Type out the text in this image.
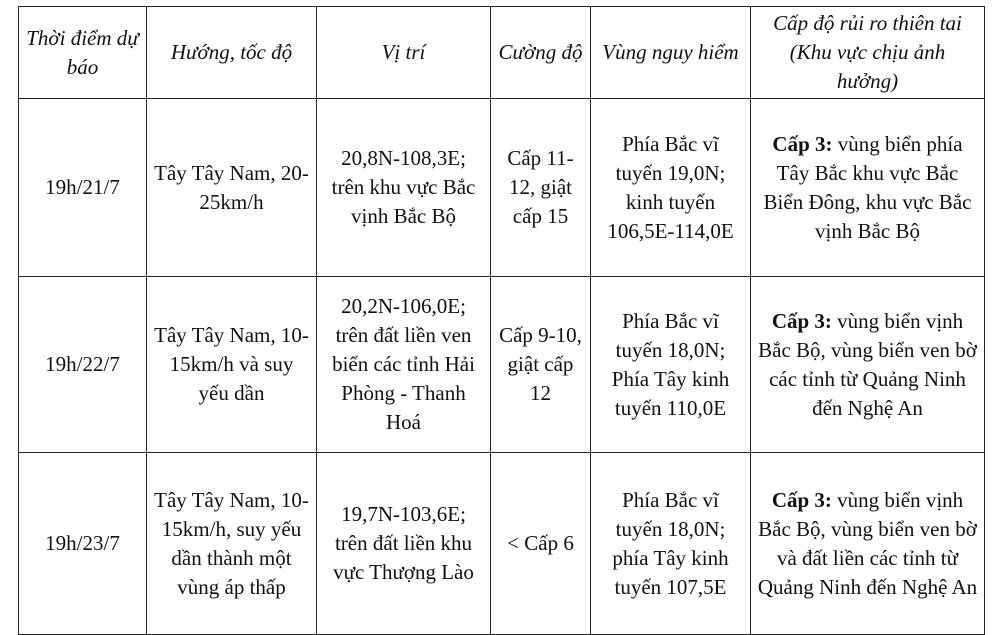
Thời điểm dự báo	Hướng, tốc độ	Vị trí	Cường độ	Vùng nguy hiểm	Cấp độ rủi ro thiên tai (Khu vực chịu ảnh hưởng)
19h/21/7	Tây Tây Nam, 20-25km/h	20,8N-108,3E; trên khu vực Bắc vịnh Bắc Bộ	Cấp 11-12, giật cấp 15	Phía Bắc vĩ tuyến 19,0N; kinh tuyến 106,5E-114,0E	Cấp 3: vùng biển phía Tây Bắc khu vực Bắc Biển Đông, khu vực Bắc vịnh Bắc Bộ
19h/22/7	Tây Tây Nam, 10-15km/h và suy yếu dần	20,2N-106,0E; trên đất liền ven biển các tỉnh Hải Phòng - Thanh Hoá	Cấp 9-10, giật cấp 12	Phía Bắc vĩ tuyến 18,0N; Phía Tây kinh tuyến 110,0E	Cấp 3: vùng biển vịnh Bắc Bộ, vùng biển ven bờ các tỉnh từ Quảng Ninh đến Nghệ An
19h/23/7	Tây Tây Nam, 10-15km/h, suy yếu dần thành một vùng áp thấp	19,7N-103,6E; trên đất liền khu vực Thượng Lào	< Cấp 6	Phía Bắc vĩ tuyến 18,0N; phía Tây kinh tuyến 107,5E	Cấp 3: vùng biển vịnh Bắc Bộ, vùng biển ven bờ và đất liền các tỉnh từ Quảng Ninh đến Nghệ An
